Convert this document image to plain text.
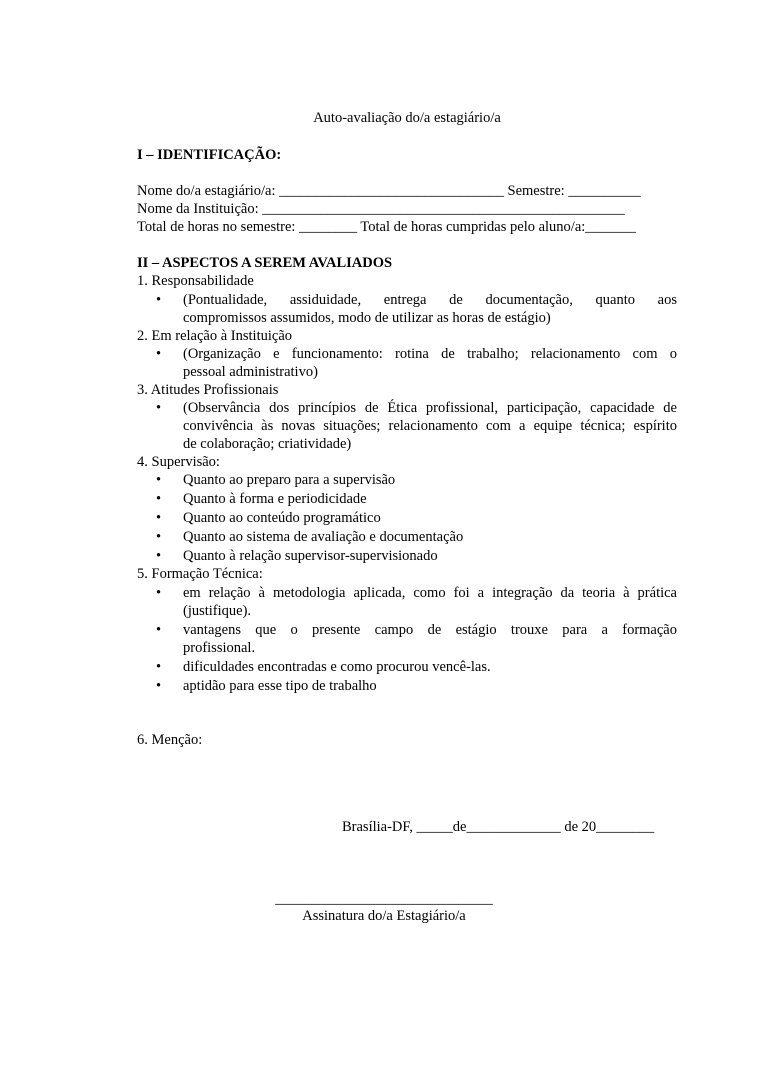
Auto-avaliação do/a estagiário/a
I – IDENTIFICAÇÃO:
Nome do/a estagiário/a: _______________________________ Semestre: __________
Nome da Instituição: __________________________________________________
Total de horas no semestre: ________ Total de horas cumpridas pelo aluno/a:_______
II – ASPECTOS A SEREM AVALIADOS
1. Responsabilidade
• (Pontualidade, assiduidade, entrega de documentação, quanto aos
compromissos assumidos, modo de utilizar as horas de estágio)
2. Em relação à Instituição
• (Organização e funcionamento: rotina de trabalho; relacionamento com o
pessoal administrativo)
3. Atitudes Profissionais
• (Observância dos princípios de Ética profissional, participação, capacidade de
convivência às novas situações; relacionamento com a equipe técnica; espírito
de colaboração; criatividade)
4. Supervisão:
• Quanto ao preparo para a supervisão
• Quanto à forma e periodicidade
• Quanto ao conteúdo programático
• Quanto ao sistema de avaliação e documentação
• Quanto à relação supervisor-supervisionado
5. Formação Técnica:
• em relação à metodologia aplicada, como foi a integração da teoria à prática
(justifique).
• vantagens que o presente campo de estágio trouxe para a formação
profissional.
• dificuldades encontradas e como procurou vencê-las.
• aptidão para esse tipo de trabalho
6. Menção:
Brasília-DF, _____de_____________ de 20________
______________________________
Assinatura do/a Estagiário/a
